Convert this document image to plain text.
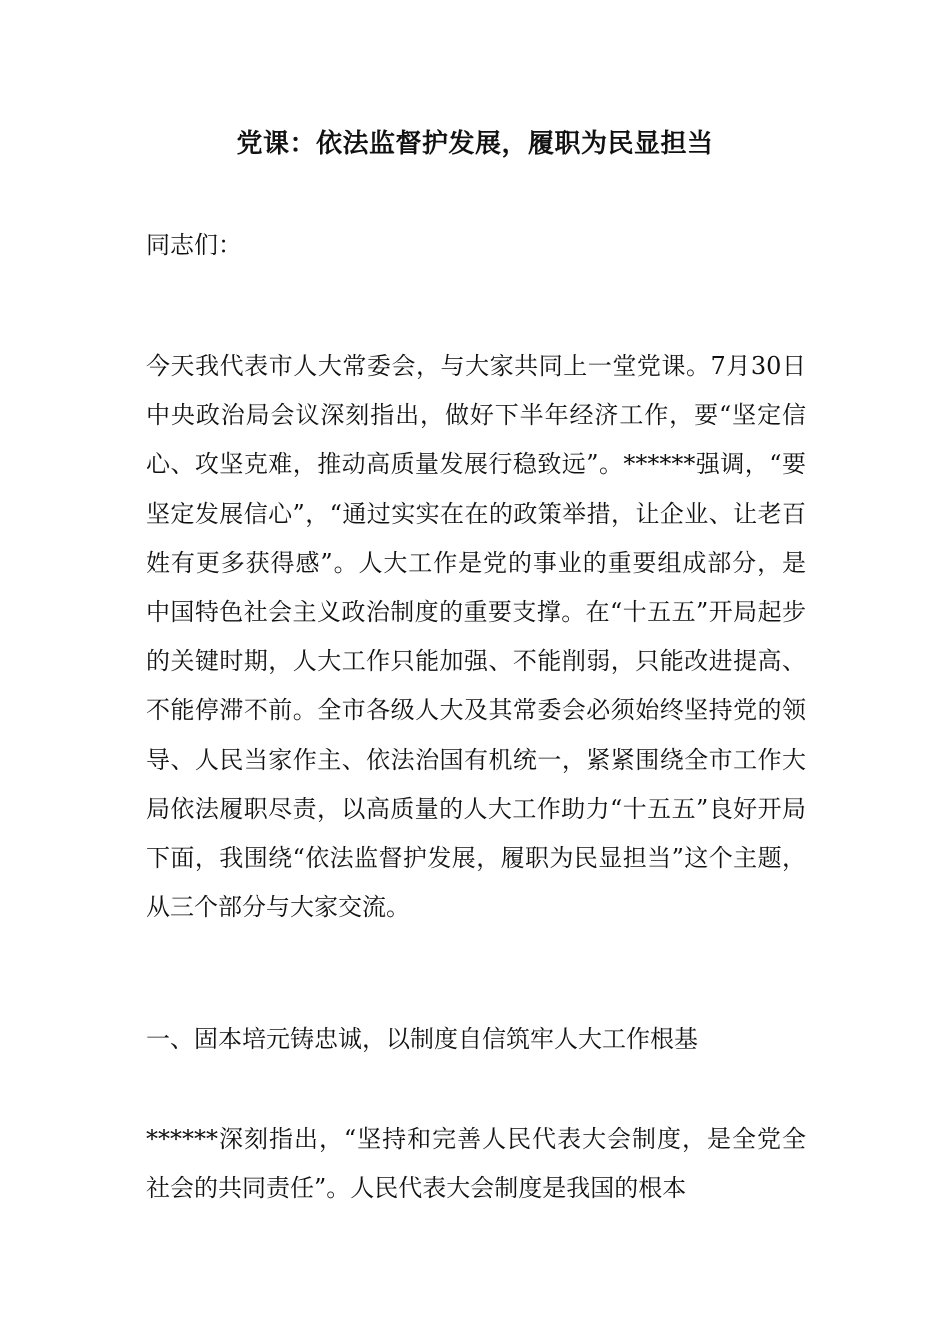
党课：依法监督护发展，履职为民显担当
同志们：
今天我代表市人大常委会，与大家共同上一堂党课。7月30日中央政治局会议深刻指出，做好下半年经济工作，要“坚定信心、攻坚克难，推动高质量发展行稳致远”。******强调，“要坚定发展信心”，“通过实实在在的政策举措，让企业、让老百姓有更多获得感”。人大工作是党的事业的重要组成部分，是中国特色社会主义政治制度的重要支撑。在“十五五”开局起步的关键时期，人大工作只能加强、不能削弱，只能改进提高、不能停滞不前。全市各级人大及其常委会必须始终坚持党的领导、人民当家作主、依法治国有机统一，紧紧围绕全市工作大局依法履职尽责，以高质量的人大工作助力“十五五”良好开局下面，我围绕“依法监督护发展，履职为民显担当”这个主题，从三个部分与大家交流。
一、固本培元铸忠诚，以制度自信筑牢人大工作根基
******深刻指出，“坚持和完善人民代表大会制度，是全党全社会的共同责任”。人民代表大会制度是我国的根本
